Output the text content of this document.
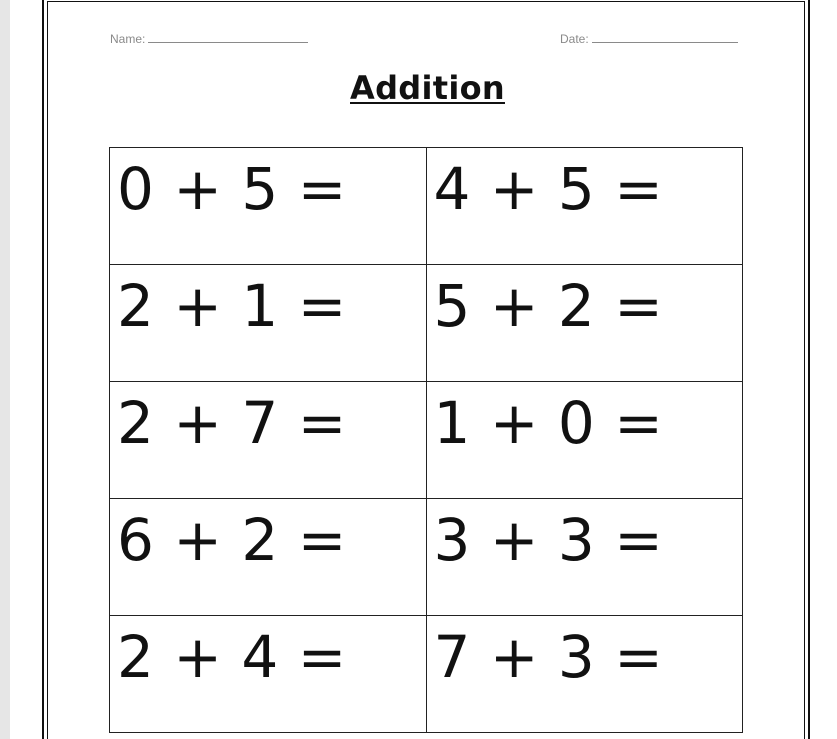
Name:	Date:
Addition
0 + 5 =	4 + 5 =

2 + 1 =	5 + 2 =

2 + 7 =	1 + 0 =

6 + 2 =	3 + 3 =

2 + 4 =	7 + 3 =
